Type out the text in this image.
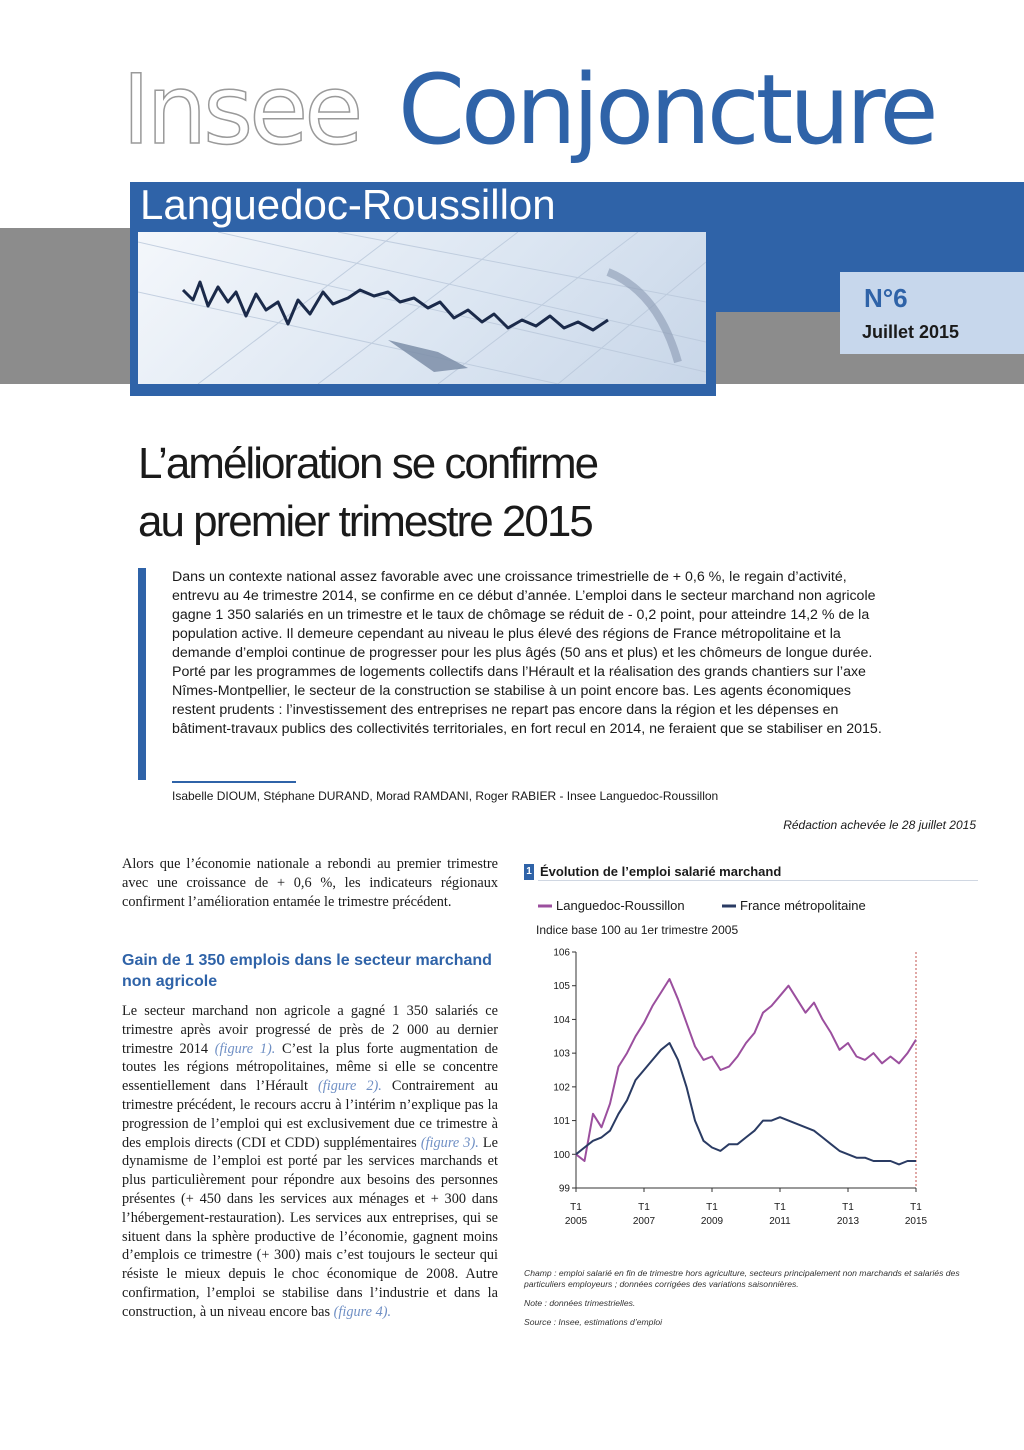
Insee Conjoncture
Languedoc-Roussillon
N°6
Juillet 2015
L’amélioration se confirme
au premier trimestre 2015

Dans un contexte national assez favorable avec une croissance trimestrielle de + 0,6 %, le regain d’activité, entrevu au 4e trimestre 2014, se confirme en ce début d’année. L’emploi dans le secteur marchand non agricole gagne 1 350 salariés en un trimestre et le taux de chômage se réduit de - 0,2 point, pour atteindre 14,2 % de la population active. Il demeure cependant au niveau le plus élevé des régions de France métropolitaine et la demande d’emploi continue de progresser pour les plus âgés (50 ans et plus) et les chômeurs de longue durée. Porté par les programmes de logements collectifs dans l’Hérault et la réalisation des grands chantiers sur l’axe Nîmes-Montpellier, le secteur de la construction se stabilise à un point encore bas. Les agents économiques restent prudents : l’investissement des entreprises ne repart pas encore dans la région et les dépenses en bâtiment-travaux publics des collectivités territoriales, en fort recul en 2014, ne feraient que se stabiliser en 2015.

Isabelle DIOUM, Stéphane DURAND, Morad RAMDANI, Roger RABIER - Insee Languedoc-Roussillon
Rédaction achevée le 28 juillet 2015

Alors que l’économie nationale a rebondi au premier trimestre avec une croissance de + 0,6 %, les indicateurs régionaux confirment l’amélioration entamée le trimestre précédent.

Gain de 1 350 emplois dans le secteur marchand non agricole

Le secteur marchand non agricole a gagné 1 350 salariés ce trimestre après avoir progressé de près de 2 000 au dernier trimestre 2014 (figure 1). C’est la plus forte augmentation de toutes les régions métropolitaines, même si elle se concentre essentiellement dans l’Hérault (figure 2). Contrairement au trimestre précédent, le recours accru à l’intérim n’explique pas la progression de l’emploi qui est exclusivement due ce trimestre à des emplois directs (CDI et CDD) supplémentaires (figure 3). Le dynamisme de l’emploi est porté par les services marchands et plus particulièrement pour répondre aux besoins des personnes présentes (+ 450 dans les services aux ménages et + 300 dans l’hébergement-restauration). Les services aux entreprises, qui se situent dans la sphère productive de l’économie, gagnent moins d’emplois ce trimestre (+ 300) mais c’est toujours le secteur qui résiste le mieux depuis le choc économique de 2008. Autre confirmation, l’emploi se stabilise dans l’industrie et dans la construction, à un niveau encore bas (figure 4).

1 Évolution de l’emploi salarié marchand
Languedoc-Roussillon	France métropolitaine
Indice base 100 au 1er trimestre 2005
99
100
101
102
103
104
105
106
T1
2005
T1
2007
T1
2009
T1
2011
T1
2013
T1
2015

Champ : emploi salarié en fin de trimestre hors agriculture, secteurs principalement non marchands et salariés des particuliers employeurs ; données corrigées des variations saisonnières.

Note : données trimestrielles.

Source : Insee, estimations d’emploi
